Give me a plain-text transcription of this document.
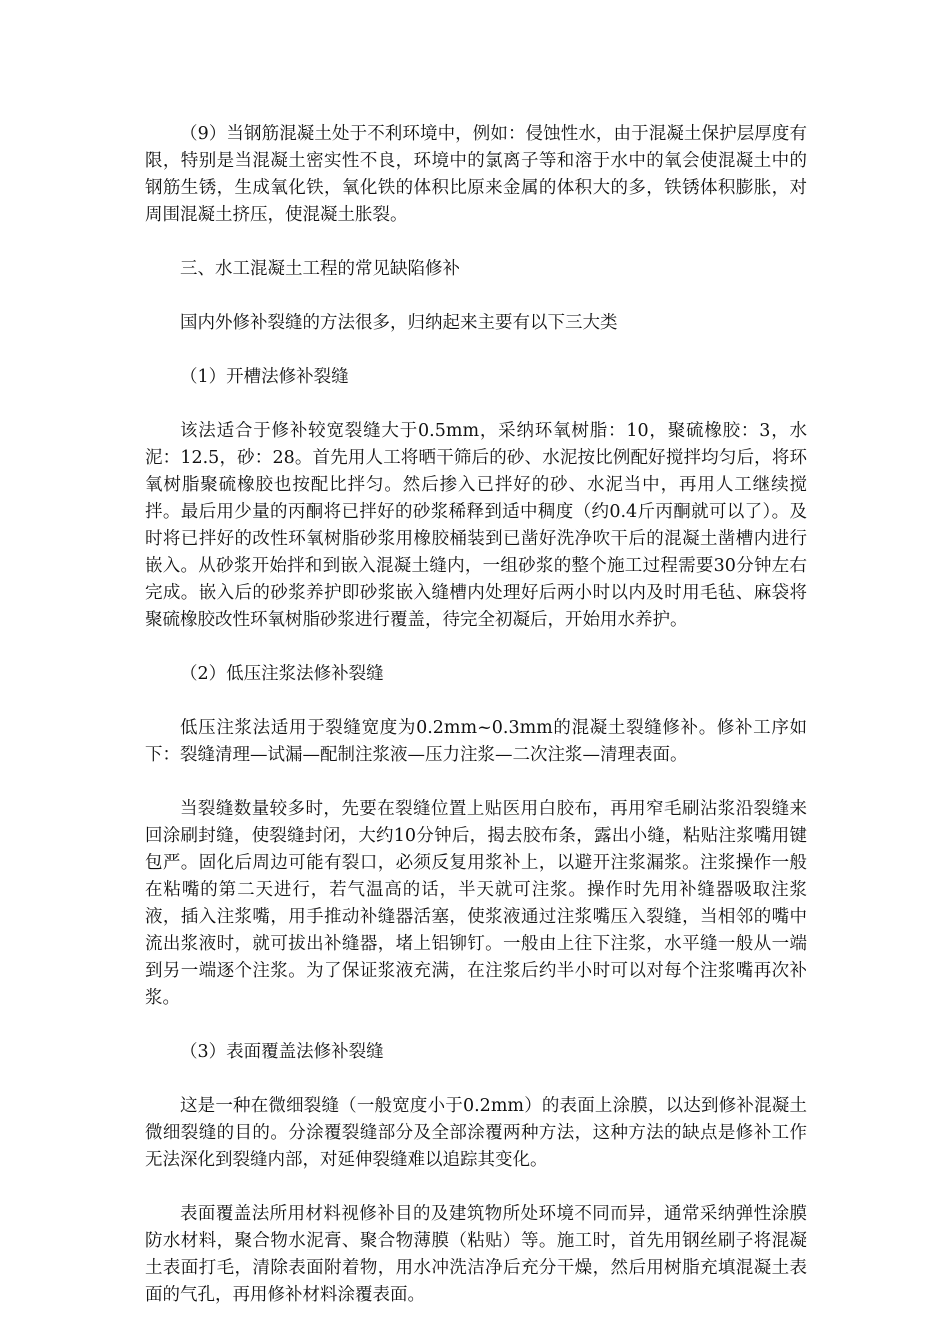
（9）当钢筋混凝土处于不利环境中，例如：侵蚀性水，由于混凝土保护层厚度有限，特别是当混凝土密实性不良，环境中的氯离子等和溶于水中的氧会使混凝土中的钢筋生锈，生成氧化铁，氧化铁的体积比原来金属的体积大的多，铁锈体积膨胀，对周围混凝土挤压，使混凝土胀裂。

三、水工混凝土工程的常见缺陷修补

国内外修补裂缝的方法很多，归纳起来主要有以下三大类

（1）开槽法修补裂缝

该法适合于修补较宽裂缝大于0.5mm，采纳环氧树脂：10，聚硫橡胶：3，水泥：12.5，砂：28。首先用人工将晒干筛后的砂、水泥按比例配好搅拌均匀后，将环氧树脂聚硫橡胶也按配比拌匀。然后掺入已拌好的砂、水泥当中，再用人工继续搅拌。最后用少量的丙酮将已拌好的砂浆稀释到适中稠度（约0.4斤丙酮就可以了）。及时将已拌好的改性环氧树脂砂浆用橡胶桶装到已凿好洗净吹干后的混凝土凿槽内进行嵌入。从砂浆开始拌和到嵌入混凝土缝内，一组砂浆的整个施工过程需要30分钟左右完成。嵌入后的砂浆养护即砂浆嵌入缝槽内处理好后两小时以内及时用毛毡、麻袋将聚硫橡胶改性环氧树脂砂浆进行覆盖，待完全初凝后，开始用水养护。

（2）低压注浆法修补裂缝

低压注浆法适用于裂缝宽度为0.2mm~0.3mm的混凝土裂缝修补。修补工序如下：裂缝清理—试漏—配制注浆液—压力注浆—二次注浆—清理表面。

当裂缝数量较多时，先要在裂缝位置上贴医用白胶布，再用窄毛刷沾浆沿裂缝来回涂刷封缝，使裂缝封闭，大约10分钟后，揭去胶布条，露出小缝，粘贴注浆嘴用键包严。固化后周边可能有裂口，必须反复用浆补上，以避开注浆漏浆。注浆操作一般在粘嘴的第二天进行，若气温高的话，半天就可注浆。操作时先用补缝器吸取注浆液，插入注浆嘴，用手推动补缝器活塞，使浆液通过注浆嘴压入裂缝，当相邻的嘴中流出浆液时，就可拔出补缝器，堵上铝铆钉。一般由上往下注浆，水平缝一般从一端到另一端逐个注浆。为了保证浆液充满，在注浆后约半小时可以对每个注浆嘴再次补浆。

（3）表面覆盖法修补裂缝

这是一种在微细裂缝（一般宽度小于0.2mm）的表面上涂膜，以达到修补混凝土微细裂缝的目的。分涂覆裂缝部分及全部涂覆两种方法，这种方法的缺点是修补工作无法深化到裂缝内部，对延伸裂缝难以追踪其变化。

表面覆盖法所用材料视修补目的及建筑物所处环境不同而异，通常采纳弹性涂膜防水材料，聚合物水泥膏、聚合物薄膜（粘贴）等。施工时，首先用钢丝刷子将混凝土表面打毛，清除表面附着物，用水冲洗洁净后充分干燥，然后用树脂充填混凝土表面的气孔，再用修补材料涂覆表面。
